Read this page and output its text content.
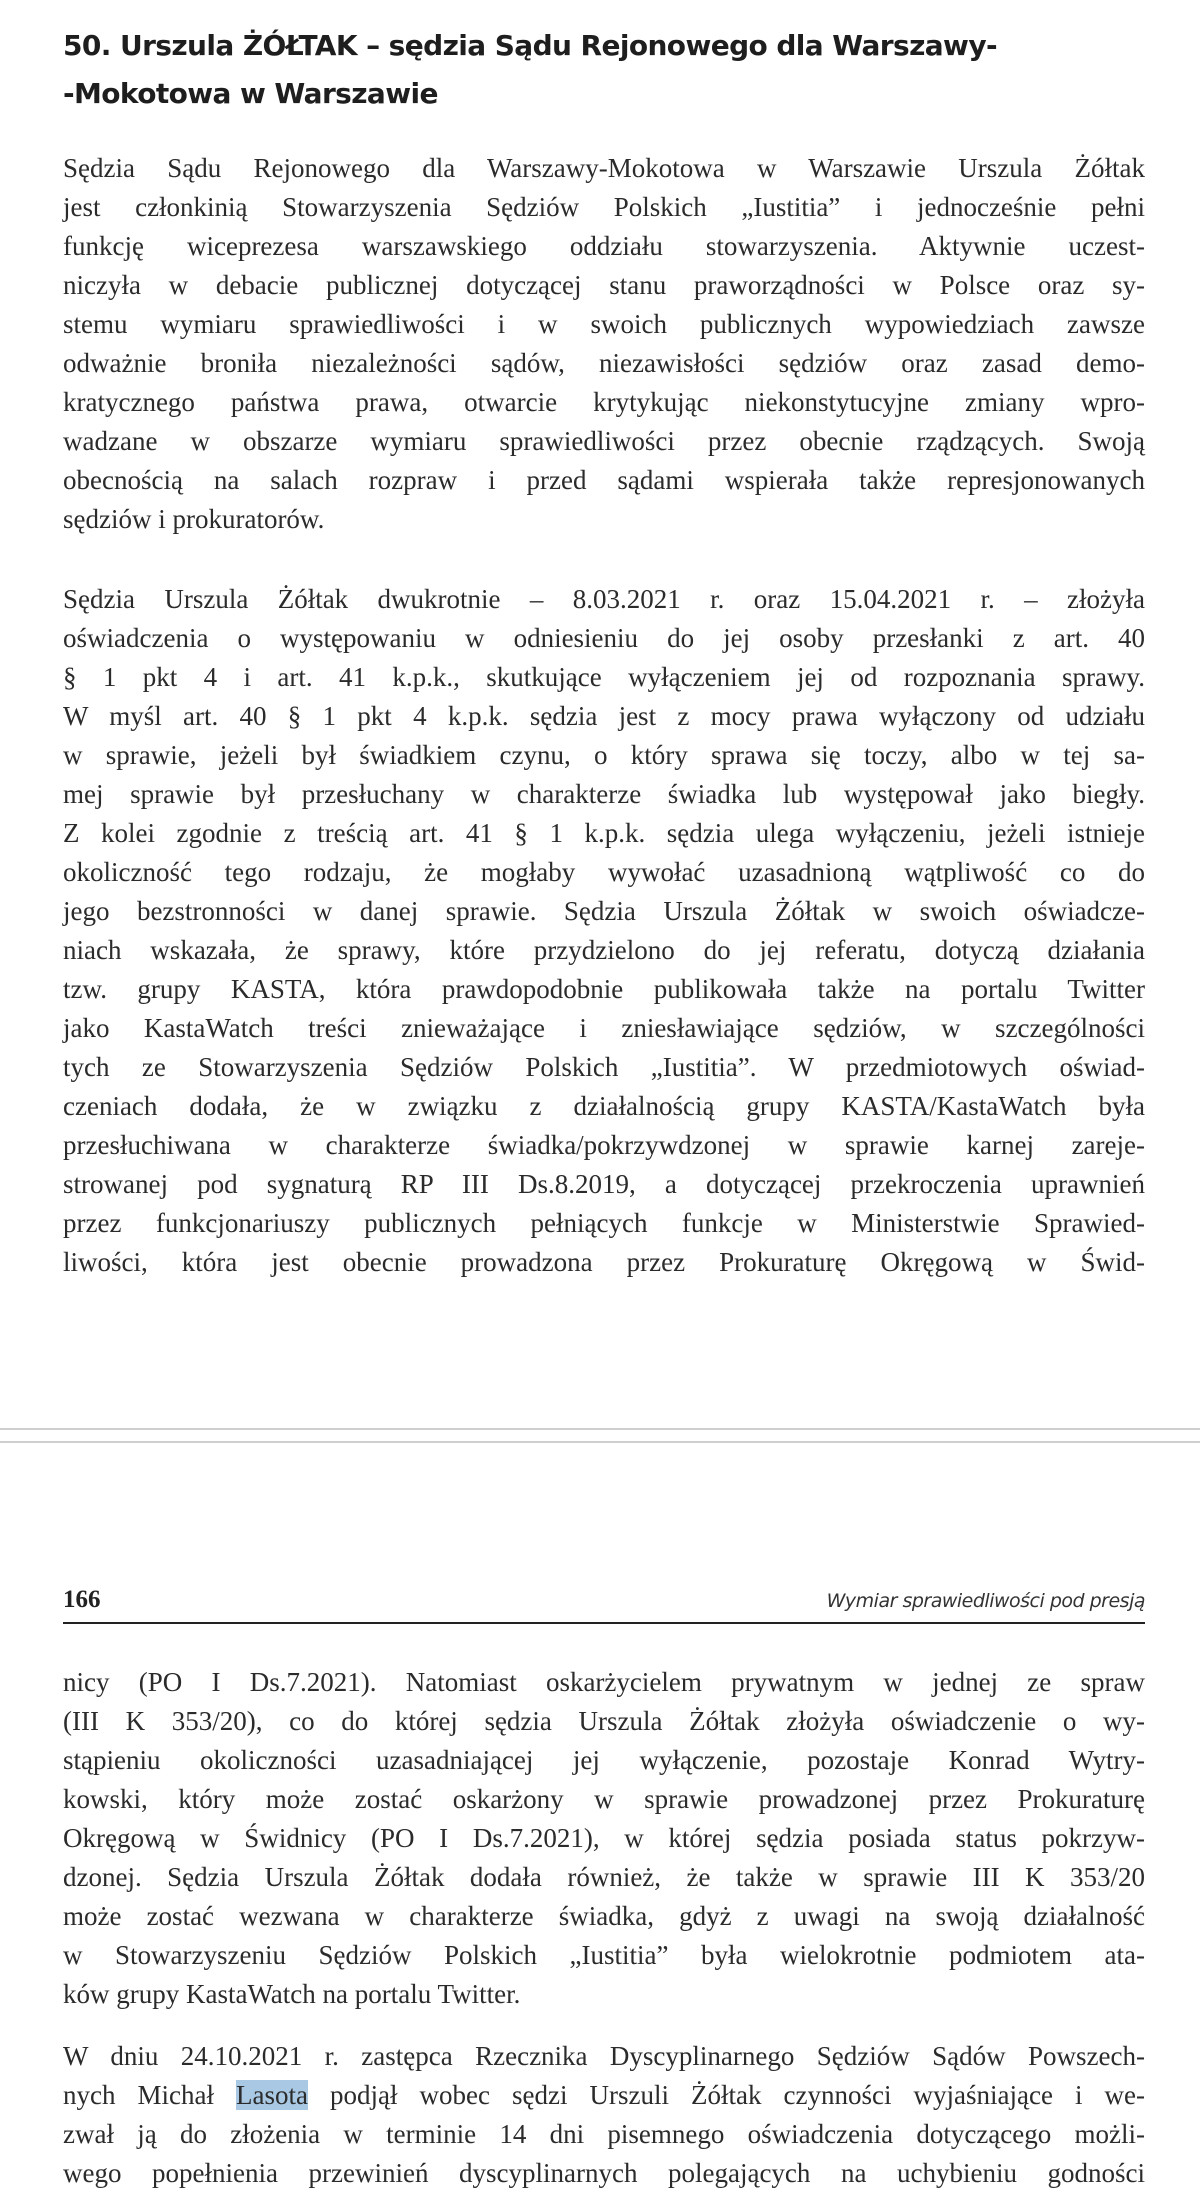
50. Urszula ŻÓŁTAK – sędzia Sądu Rejonowego dla Warszawy-
-Mokotowa w Warszawie
Sędzia Sądu Rejonowego dla Warszawy-Mokotowa w Warszawie Urszula Żółtak
jest członkinią Stowarzyszenia Sędziów Polskich „Iustitia” i jednocześnie pełni
funkcję wiceprezesa warszawskiego oddziału stowarzyszenia. Aktywnie uczest-
niczyła w debacie publicznej dotyczącej stanu praworządności w Polsce oraz sy-
stemu wymiaru sprawiedliwości i w swoich publicznych wypowiedziach zawsze
odważnie broniła niezależności sądów, niezawisłości sędziów oraz zasad demo-
kratycznego państwa prawa, otwarcie krytykując niekonstytucyjne zmiany wpro-
wadzane w obszarze wymiaru sprawiedliwości przez obecnie rządzących. Swoją
obecnością na salach rozpraw i przed sądami wspierała także represjonowanych
sędziów i prokuratorów.
Sędzia Urszula Żółtak dwukrotnie – 8.03.2021 r. oraz 15.04.2021 r. – złożyła
oświadczenia o występowaniu w odniesieniu do jej osoby przesłanki z art. 40
§ 1 pkt 4 i art. 41 k.p.k., skutkujące wyłączeniem jej od rozpoznania sprawy.
W myśl art. 40 § 1 pkt 4 k.p.k. sędzia jest z mocy prawa wyłączony od udziału
w sprawie, jeżeli był świadkiem czynu, o który sprawa się toczy, albo w tej sa-
mej sprawie był przesłuchany w charakterze świadka lub występował jako biegły.
Z kolei zgodnie z treścią art. 41 § 1 k.p.k. sędzia ulega wyłączeniu, jeżeli istnieje
okoliczność tego rodzaju, że mogłaby wywołać uzasadnioną wątpliwość co do
jego bezstronności w danej sprawie. Sędzia Urszula Żółtak w swoich oświadcze-
niach wskazała, że sprawy, które przydzielono do jej referatu, dotyczą działania
tzw. grupy KASTA, która prawdopodobnie publikowała także na portalu Twitter
jako KastaWatch treści znieważające i zniesławiające sędziów, w szczególności
tych ze Stowarzyszenia Sędziów Polskich „Iustitia”. W przedmiotowych oświad-
czeniach dodała, że w związku z działalnością grupy KASTA/KastaWatch była
przesłuchiwana w charakterze świadka/pokrzywdzonej w sprawie karnej zareje-
strowanej pod sygnaturą RP III Ds.8.2019, a dotyczącej przekroczenia uprawnień
przez funkcjonariuszy publicznych pełniących funkcje w Ministerstwie Sprawied-
liwości, która jest obecnie prowadzona przez Prokuraturę Okręgową w Świd-
166	Wymiar sprawiedliwości pod presją
nicy (PO I Ds.7.2021). Natomiast oskarżycielem prywatnym w jednej ze spraw
(III K 353/20), co do której sędzia Urszula Żółtak złożyła oświadczenie o wy-
stąpieniu okoliczności uzasadniającej jej wyłączenie, pozostaje Konrad Wytry-
kowski, który może zostać oskarżony w sprawie prowadzonej przez Prokuraturę
Okręgową w Świdnicy (PO I Ds.7.2021), w której sędzia posiada status pokrzyw-
dzonej. Sędzia Urszula Żółtak dodała również, że także w sprawie III K 353/20
może zostać wezwana w charakterze świadka, gdyż z uwagi na swoją działalność
w Stowarzyszeniu Sędziów Polskich „Iustitia” była wielokrotnie podmiotem ata-
ków grupy KastaWatch na portalu Twitter.
W dniu 24.10.2021 r. zastępca Rzecznika Dyscyplinarnego Sędziów Sądów Powszech-
nych Michał Lasota podjął wobec sędzi Urszuli Żółtak czynności wyjaśniające i we-
zwał ją do złożenia w terminie 14 dni pisemnego oświadczenia dotyczącego możli-
wego popełnienia przewinień dyscyplinarnych polegających na uchybieniu godności
